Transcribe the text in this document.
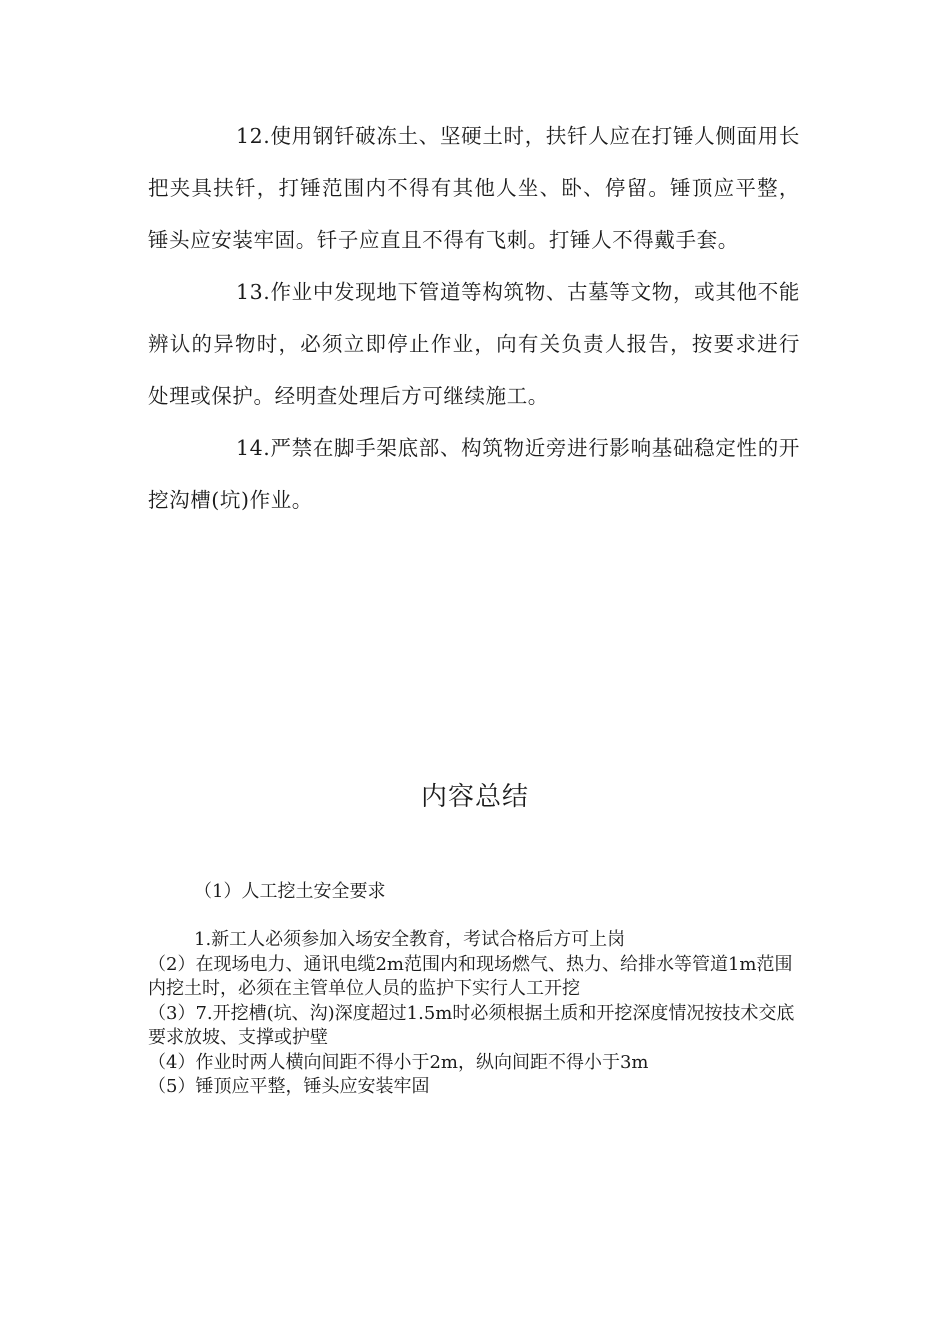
12.使用钢钎破冻土、坚硬土时，扶钎人应在打锤人侧面用长把夹具扶钎，打锤范围内不得有其他人坐、卧、停留。锤顶应平整，锤头应安装牢固。钎子应直且不得有飞刺。打锤人不得戴手套。

13.作业中发现地下管道等构筑物、古墓等文物，或其他不能辨认的异物时，必须立即停止作业，向有关负责人报告，按要求进行处理或保护。经明查处理后方可继续施工。

14.严禁在脚手架底部、构筑物近旁进行影响基础稳定性的开挖沟槽(坑)作业。

内容总结
（1）人工挖土安全要求

1.新工人必须参加入场安全教育，考试合格后方可上岗

（2）在现场电力、通讯电缆2m范围内和现场燃气、热力、给排水等管道1m范围内挖土时，必须在主管单位人员的监护下实行人工开挖

（3）7.开挖槽(坑、沟)深度超过1.5m时必须根据土质和开挖深度情况按技术交底要求放坡、支撑或护壁

（4）作业时两人横向间距不得小于2m，纵向间距不得小于3m

（5）锤顶应平整，锤头应安装牢固
